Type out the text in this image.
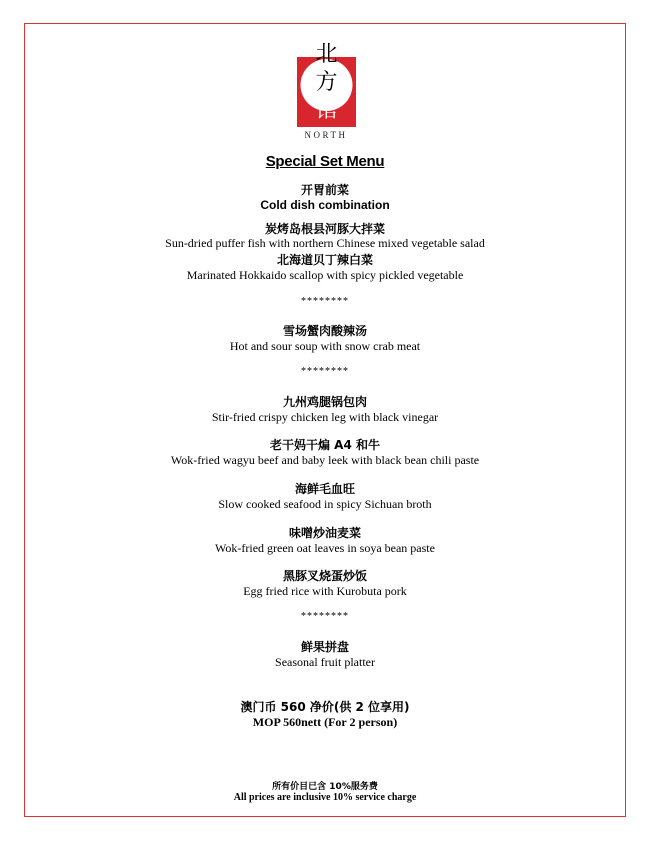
北
方
馆
NORTH
Special Set Menu
开胃前菜
Cold dish combination
炭烤岛根县河豚大拌菜
Sun-dried puffer fish with northern Chinese mixed vegetable salad
北海道贝丁辣白菜
Marinated Hokkaido scallop with spicy pickled vegetable
********
雪场蟹肉酸辣汤
Hot and sour soup with snow crab meat
********
九州鸡腿锅包肉
Stir-fried crispy chicken leg with black vinegar
老干妈干煸 A4 和牛
Wok-fried wagyu beef and baby leek with black bean chili paste
海鲜毛血旺
Slow cooked seafood in spicy Sichuan broth
味噌炒油麦菜
Wok-fried green oat leaves in soya bean paste
黑豚叉烧蛋炒饭
Egg fried rice with Kurobuta pork
********
鲜果拼盘
Seasonal fruit platter
澳门币 560 净价(供 2 位享用)
MOP 560nett (For 2 person)
所有价目已含 10%服务费
All prices are inclusive 10% service charge
